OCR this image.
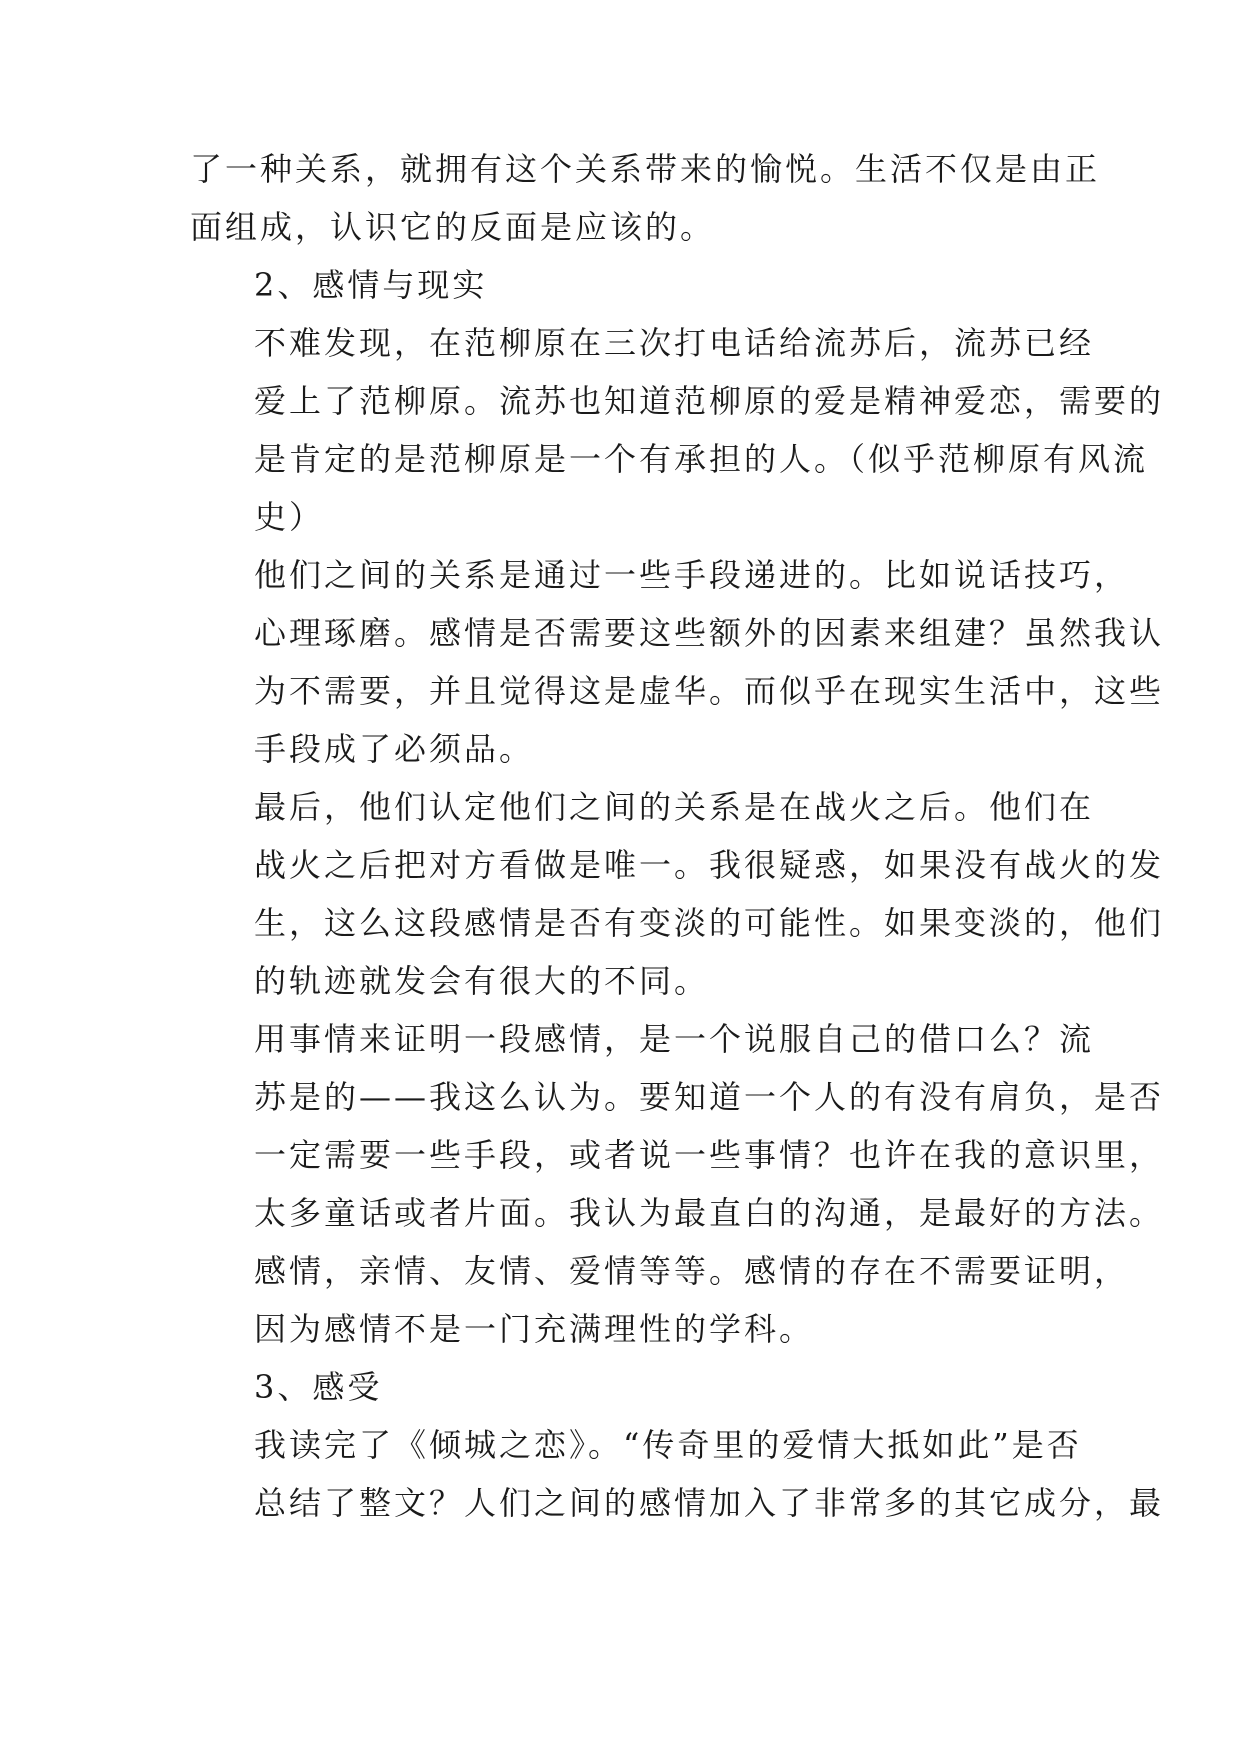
了一种关系，就拥有这个关系带来的愉悦。生活不仅是由正
面组成，认识它的反面是应该的。

2、感情与现实

不难发现，在范柳原在三次打电话给流苏后，流苏已经
爱上了范柳原。流苏也知道范柳原的爱是精神爱恋，需要的
是肯定的是范柳原是一个有承担的人。（似乎范柳原有风流
史）

他们之间的关系是通过一些手段递进的。比如说话技巧，
心理琢磨。感情是否需要这些额外的因素来组建？虽然我认
为不需要，并且觉得这是虚华。而似乎在现实生活中，这些
手段成了必须品。

最后，他们认定他们之间的关系是在战火之后。他们在
战火之后把对方看做是唯一。我很疑惑，如果没有战火的发
生，这么这段感情是否有变淡的可能性。如果变淡的，他们
的轨迹就发会有很大的不同。

用事情来证明一段感情，是一个说服自己的借口么？流
苏是的——我这么认为。要知道一个人的有没有肩负，是否
一定需要一些手段，或者说一些事情？也许在我的意识里，
太多童话或者片面。我认为最直白的沟通，是最好的方法。

感情，亲情、友情、爱情等等。感情的存在不需要证明，
因为感情不是一门充满理性的学科。

3、感受

我读完了《倾城之恋》。“传奇里的爱情大抵如此”是否
总结了整文？人们之间的感情加入了非常多的其它成分，最
